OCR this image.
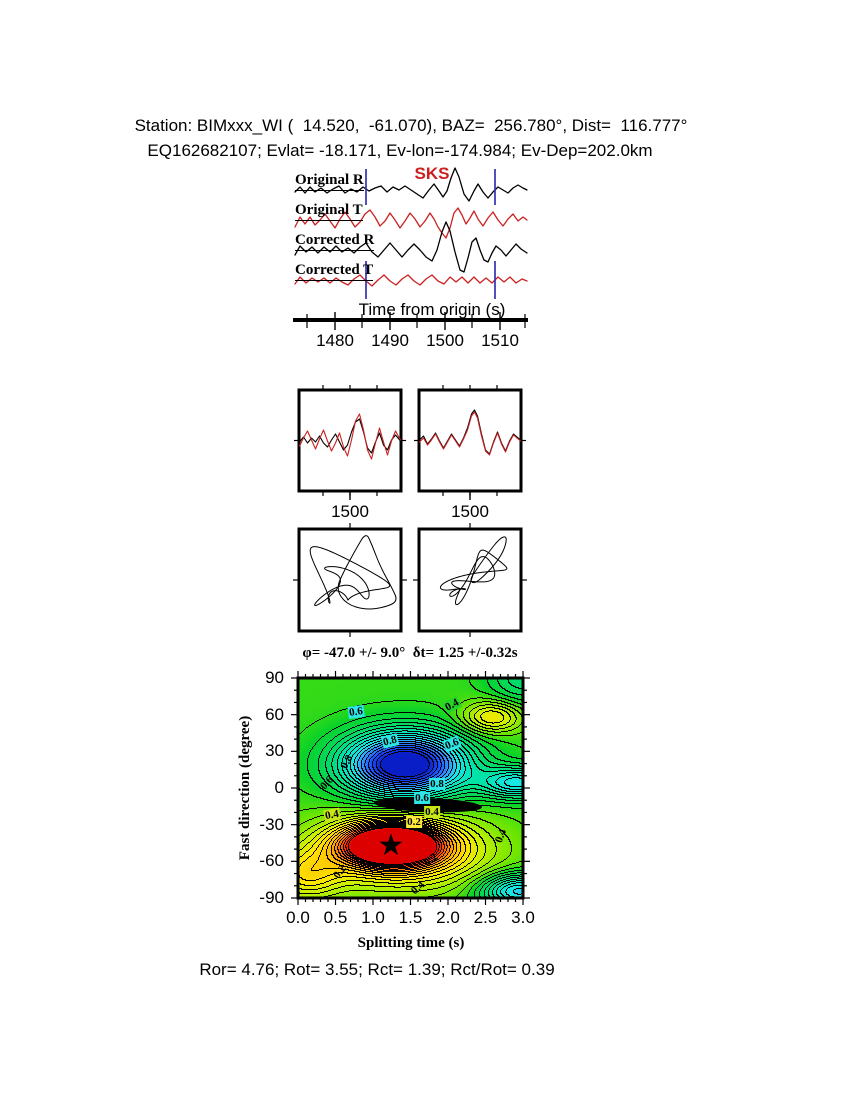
Station: BIMxxx_WI (  14.520,  -61.070), BAZ=  256.780°, Dist=  116.777°
EQ162682107; Evlat= -18.171, Ev-lon=-174.984; Ev-Dep=202.0km
SKS
Time from origin (s)
Original R
Original T
Corrected R
Corrected T
1480 1490 1500 1510
1500	1500
0.0 0.5 1.0 1.5 2.0 2.5 3.0
90
60
30
0
-30
-60
-90
0.6	0.4
0.8	0.6
0.8
0.6	0.8
0.6
0.4
0.2
0.4
0.2
0.2
0.4
0.4
φ= -47.0 +/- 9.0°  δt= 1.25 +/-0.32s
Fast direction (degree)
Splitting time (s)
★
Ror= 4.76; Rot= 3.55; Rct= 1.39; Rct/Rot= 0.39
